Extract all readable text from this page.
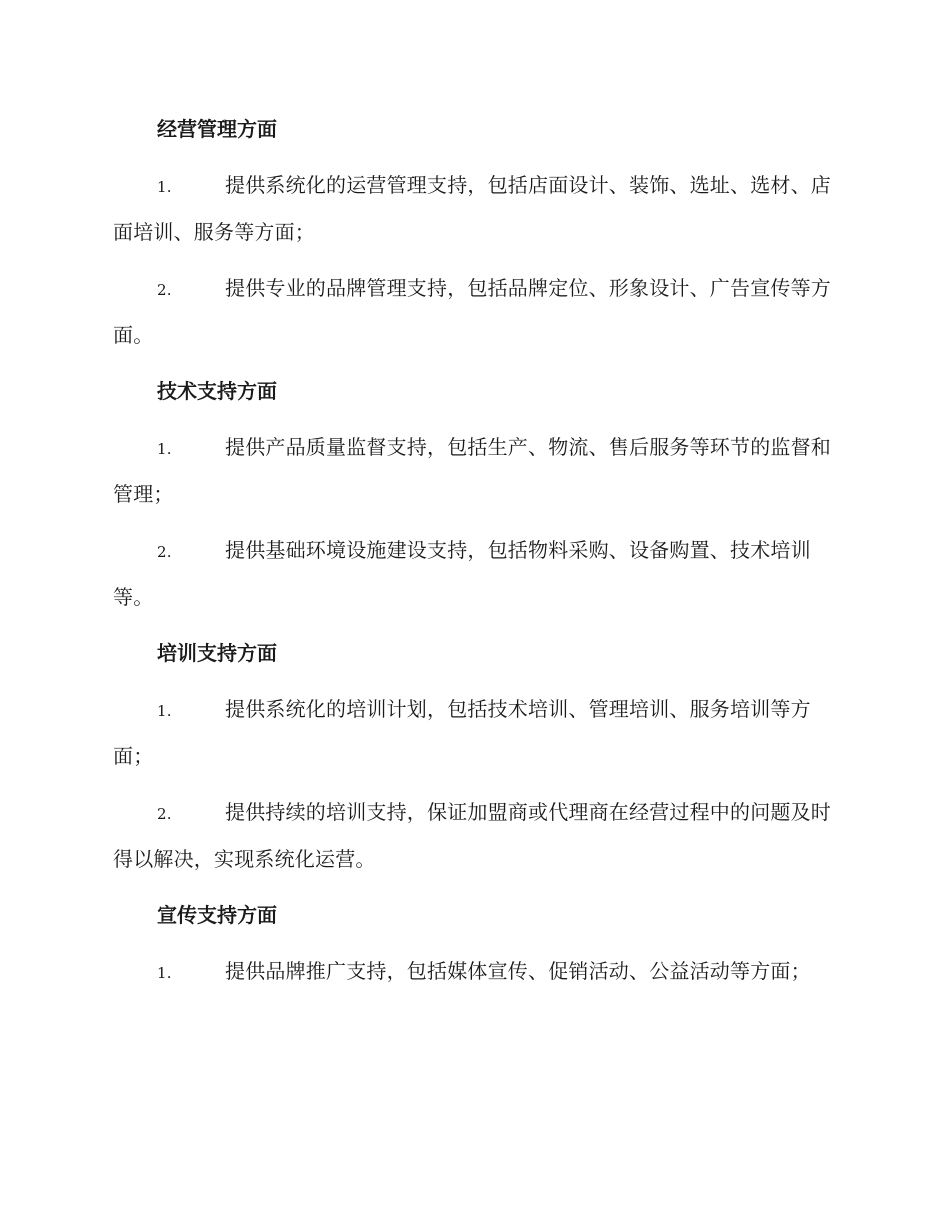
经营管理方面
1.	提供系统化的运营管理支持，包括店面设计、装饰、选址、选材、店面培训、服务等方面；
2.	提供专业的品牌管理支持，包括品牌定位、形象设计、广告宣传等方面。
技术支持方面
1.	提供产品质量监督支持，包括生产、物流、售后服务等环节的监督和管理；
2.	提供基础环境设施建设支持，包括物料采购、设备购置、技术培训等。
培训支持方面
1.	提供系统化的培训计划，包括技术培训、管理培训、服务培训等方面；
2.	提供持续的培训支持，保证加盟商或代理商在经营过程中的问题及时得以解决，实现系统化运营。
宣传支持方面
1.	提供品牌推广支持，包括媒体宣传、促销活动、公益活动等方面；
